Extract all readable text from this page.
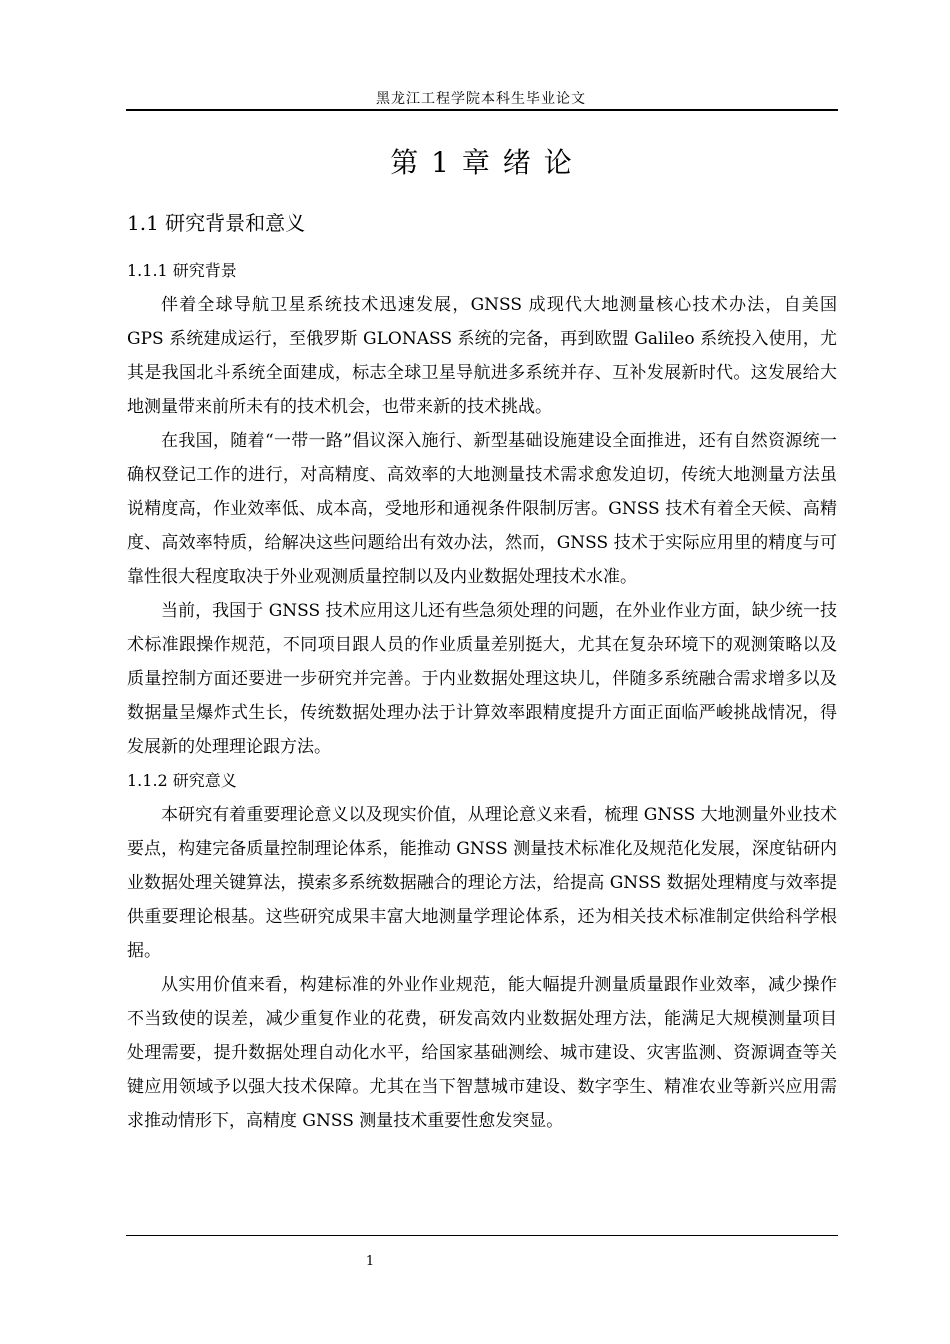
黑龙江工程学院本科生毕业论文
第 1 章 绪 论
1.1 研究背景和意义
1.1.1 研究背景

伴着全球导航卫星系统技术迅速发展，GNSS 成现代大地测量核心技术办法，自美国 GPS 系统建成运行，至俄罗斯 GLONASS 系统的完备，再到欧盟 Galileo 系统投入使用，尤其是我国北斗系统全面建成，标志全球卫星导航进多系统并存、互补发展新时代。这发展给大地测量带来前所未有的技术机会，也带来新的技术挑战。

在我国，随着“一带一路”倡议深入施行、新型基础设施建设全面推进，还有自然资源统一确权登记工作的进行，对高精度、高效率的大地测量技术需求愈发迫切，传统大地测量方法虽说精度高，作业效率低、成本高，受地形和通视条件限制厉害。GNSS 技术有着全天候、高精度、高效率特质，给解决这些问题给出有效办法，然而，GNSS 技术于实际应用里的精度与可靠性很大程度取决于外业观测质量控制以及内业数据处理技术水准。

当前，我国于 GNSS 技术应用这儿还有些急须处理的问题，在外业作业方面，缺少统一技术标准跟操作规范，不同项目跟人员的作业质量差别挺大，尤其在复杂环境下的观测策略以及质量控制方面还要进一步研究并完善。于内业数据处理这块儿，伴随多系统融合需求增多以及数据量呈爆炸式生长，传统数据处理办法于计算效率跟精度提升方面正面临严峻挑战情况，得发展新的处理理论跟方法。

1.1.2 研究意义

本研究有着重要理论意义以及现实价值，从理论意义来看，梳理 GNSS 大地测量外业技术要点，构建完备质量控制理论体系，能推动 GNSS 测量技术标准化及规范化发展，深度钻研内业数据处理关键算法，摸索多系统数据融合的理论方法，给提高 GNSS 数据处理精度与效率提供重要理论根基。这些研究成果丰富大地测量学理论体系，还为相关技术标准制定供给科学根据。

从实用价值来看，构建标准的外业作业规范，能大幅提升测量质量跟作业效率，减少操作不当致使的误差，减少重复作业的花费，研发高效内业数据处理方法，能满足大规模测量项目处理需要，提升数据处理自动化水平，给国家基础测绘、城市建设、灾害监测、资源调查等关键应用领域予以强大技术保障。尤其在当下智慧城市建设、数字孪生、精准农业等新兴应用需求推动情形下，高精度 GNSS 测量技术重要性愈发突显。

1
